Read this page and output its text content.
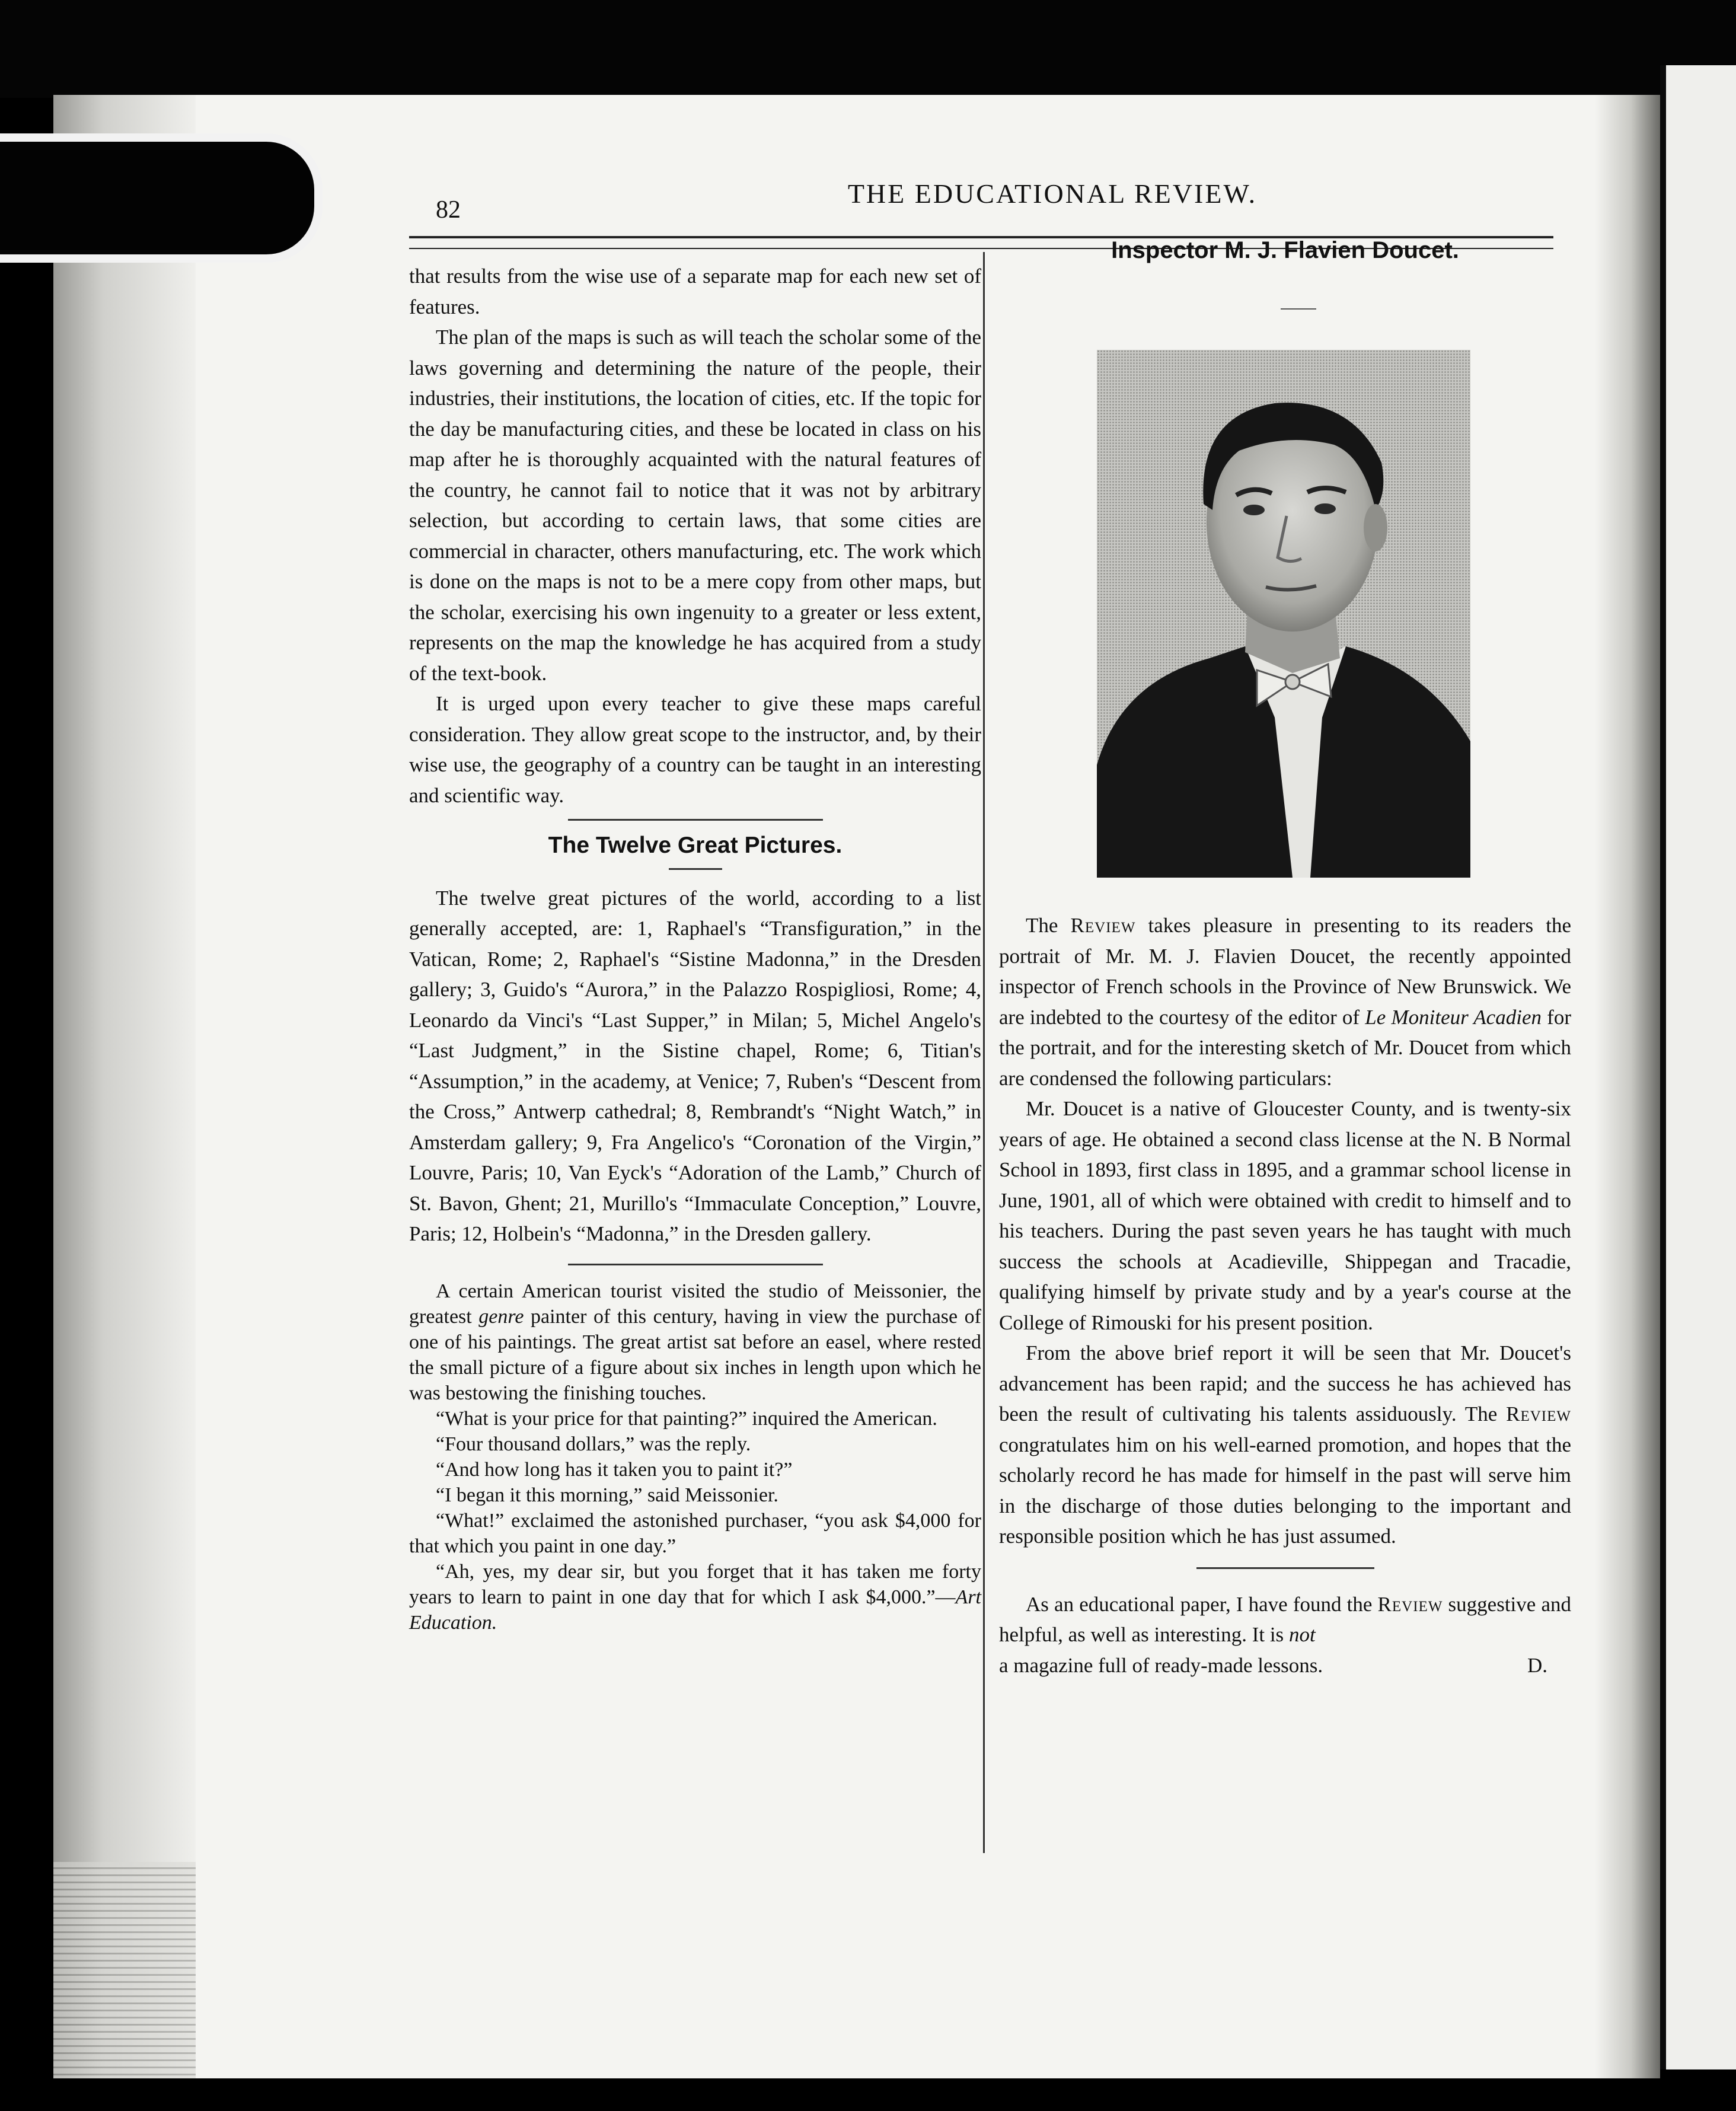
82
THE EDUCATIONAL REVIEW.

that results from the wise use of a separate map for each new set of features.

The plan of the maps is such as will teach the scholar some of the laws governing and determining the nature of the people, their industries, their institutions, the location of cities, etc. If the topic for the day be manufacturing cities, and these be located in class on his map after he is thoroughly acquainted with the natural features of the country, he cannot fail to notice that it was not by arbitrary selection, but according to certain laws, that some cities are commercial in character, others manufacturing, etc. The work which is done on the maps is not to be a mere copy from other maps, but the scholar, exercising his own ingenuity to a greater or less extent, represents on the map the knowledge he has acquired from a study of the text-book.

It is urged upon every teacher to give these maps careful consideration. They allow great scope to the instructor, and, by their wise use, the geography of a country can be taught in an interesting and scientific way.

The Twelve Great Pictures.

The twelve great pictures of the world, according to a list generally accepted, are: 1, Raphael's “Transfiguration,” in the Vatican, Rome; 2, Raphael's “Sistine Madonna,” in the Dresden gallery; 3, Guido's “Aurora,” in the Palazzo Rospigliosi, Rome; 4, Leonardo da Vinci's “Last Supper,” in Milan; 5, Michel Angelo's “Last Judgment,” in the Sistine chapel, Rome; 6, Titian's “Assumption,” in the academy, at Venice; 7, Ruben's “Descent from the Cross,” Antwerp cathedral; 8, Rembrandt's “Night Watch,” in Amsterdam gallery; 9, Fra Angelico's “Coronation of the Virgin,” Louvre, Paris; 10, Van Eyck's “Adoration of the Lamb,” Church of St. Bavon, Ghent; 21, Murillo's “Immaculate Conception,” Louvre, Paris; 12, Holbein's “Madonna,” in the Dresden gallery.

A certain American tourist visited the studio of Meissonier, the greatest genre painter of this century, having in view the purchase of one of his paintings. The great artist sat before an easel, where rested the small picture of a figure about six inches in length upon which he was bestowing the finishing touches.

“What is your price for that painting?” inquired the American.

“Four thousand dollars,” was the reply.

“And how long has it taken you to paint it?”

“I began it this morning,” said Meissonier.

“What!” exclaimed the astonished purchaser, “you ask $4,000 for that which you paint in one day.”

“Ah, yes, my dear sir, but you forget that it has taken me forty years to learn to paint in one day that for which I ask $4,000.”—Art Education.

Inspector M. J. Flavien Doucet.

The Review takes pleasure in presenting to its readers the portrait of Mr. M. J. Flavien Doucet, the recently appointed inspector of French schools in the Province of New Brunswick. We are indebted to the courtesy of the editor of Le Moniteur Acadien for the portrait, and for the interesting sketch of Mr. Doucet from which are condensed the following particulars:

Mr. Doucet is a native of Gloucester County, and is twenty-six years of age. He obtained a second class license at the N. B Normal School in 1893, first class in 1895, and a grammar school license in June, 1901, all of which were obtained with credit to himself and to his teachers. During the past seven years he has taught with much success the schools at Acadieville, Shippegan and Tracadie, qualifying himself by private study and by a year's course at the College of Rimouski for his present position.

From the above brief report it will be seen that Mr. Doucet's advancement has been rapid; and the success he has achieved has been the result of cultivating his talents assiduously. The Review congratulates him on his well-earned promotion, and hopes that the scholarly record he has made for himself in the past will serve him in the discharge of those duties belonging to the important and responsible position which he has just assumed.

As an educational paper, I have found the Review suggestive and helpful, as well as interesting. It is not

a magazine full of ready-made lessons.	D.
